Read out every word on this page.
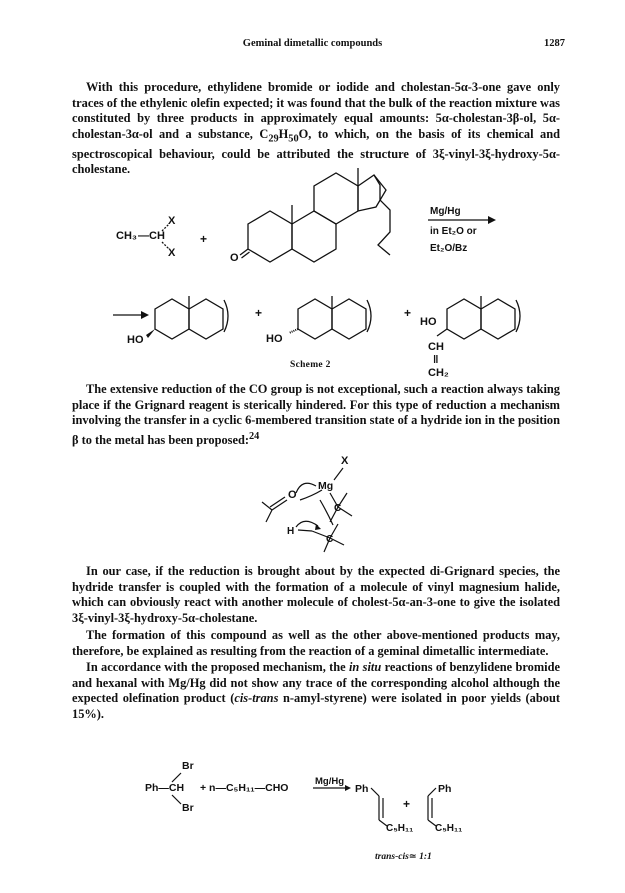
Geminal dimetallic compounds	1287

With this procedure, ethylidene bromide or iodide and cholestan-5α-3-one gave only traces of the ethylenic olefin expected; it was found that the bulk of the reaction mixture was constituted by three products in approximately equal amounts: 5α-cholestan-3β-ol, 5α-cholestan-3α-ol and a substance, $C_{29}H_{50}O$, to which, on the basis of its chemical and spectroscopical behaviour, could be attributed the structure of 3ξ-vinyl-3ξ-hydroxy-5α-cholestane.

CH₃ —CH
X
X
+
O
Mg/Hg
in Et₂O or
Et₂O/Bz
HO
+
HO
+
HO
CH
‖
CH₂
Scheme 2

The extensive reduction of the CO group is not exceptional, such a reaction always taking place if the Grignard reagent is sterically hindered. For this type of reduction a mechanism involving the transfer in a cyclic 6-membered transition state of a hydride ion in the position β to the metal has been proposed:$^{24}$

X
Mg
O
C
C
H

In our case, if the reduction is brought about by the expected di-Grignard species, the hydride transfer is coupled with the formation of a molecule of vinyl magnesium halide, which can obviously react with another molecule of cholest-5α-an-3-one to give the isolated 3ξ-vinyl-3ξ-hydroxy-5α-cholestane.

The formation of this compound as well as the other above-mentioned products may, therefore, be explained as resulting from the reaction of a geminal dimetallic intermediate.

In accordance with the proposed mechanism, the in situ reactions of benzylidene bromide and hexanal with Mg/Hg did not show any trace of the corresponding alcohol although the expected olefination product (cis-trans n-amyl-styrene) were isolated in poor yields (about 15%).

Br
Ph—CH
Br
+ n—C₅H₁₁—CHO
Mg/Hg
Ph
C₅H₁₁
+
Ph
C₅H₁₁
trans-cis≃ 1:1
